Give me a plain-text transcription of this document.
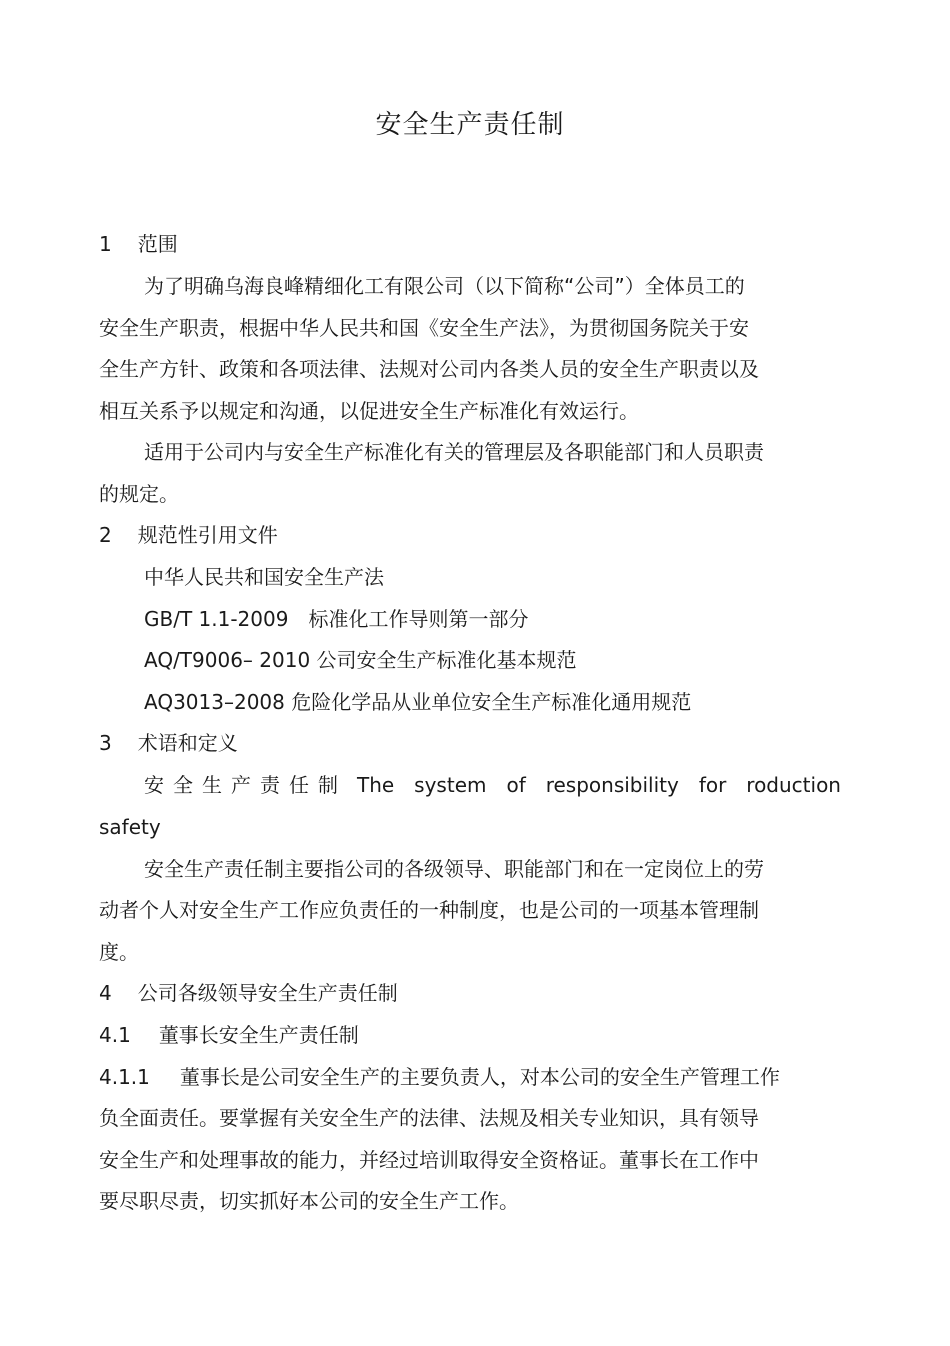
安全生产责任制
1 范围
为了明确乌海良峰精细化工有限公司（以下简称“公司”）全体员工的
安全生产职责，根据中华人民共和国《安全生产法》，为贯彻国务院关于安
全生产方针、政策和各项法律、法规对公司内各类人员的安全生产职责以及
相互关系予以规定和沟通，以促进安全生产标准化有效运行。
适用于公司内与安全生产标准化有关的管理层及各职能部门和人员职责
的规定。
2 规范性引用文件
中华人民共和国安全生产法
GB/T 1.1-2009　标准化工作导则第一部分
AQ/T9006– 2010 公司安全生产标准化基本规范
AQ3013–2008 危险化学品从业单位安全生产标准化通用规范
3 术语和定义
安全生产责任制 The system of responsibility for roduction
safety
安全生产责任制主要指公司的各级领导、职能部门和在一定岗位上的劳
动者个人对安全生产工作应负责任的一种制度，也是公司的一项基本管理制
度。
4 公司各级领导安全生产责任制
4.1 董事长安全生产责任制
4.1.1 董事长是公司安全生产的主要负责人，对本公司的安全生产管理工作
负全面责任。要掌握有关安全生产的法律、法规及相关专业知识，具有领导
安全生产和处理事故的能力，并经过培训取得安全资格证。董事长在工作中
要尽职尽责，切实抓好本公司的安全生产工作。
